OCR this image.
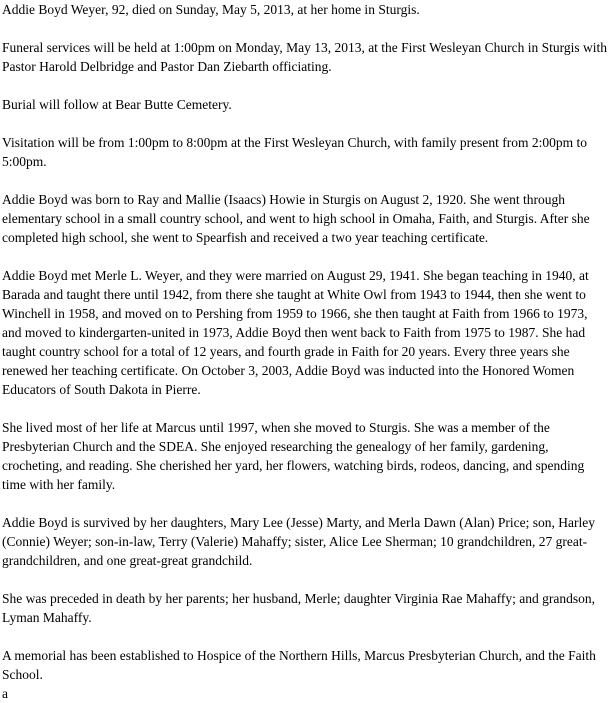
Addie Boyd Weyer, 92, died on Sunday, May 5, 2013, at her home in Sturgis.

Funeral services will be held at 1:00pm on Monday, May 13, 2013, at the First Wesleyan Church in Sturgis with Pastor Harold Delbridge and Pastor Dan Ziebarth officiating.

Burial will follow at Bear Butte Cemetery.

Visitation will be from 1:00pm to 8:00pm at the First Wesleyan Church, with family present from 2:00pm to 5:00pm.

Addie Boyd was born to Ray and Mallie (Isaacs) Howie in Sturgis on August 2, 1920. She went through elementary school in a small country school, and went to high school in Omaha, Faith, and Sturgis. After she completed high school, she went to Spearfish and received a two year teaching certificate.

Addie Boyd met Merle L. Weyer, and they were married on August 29, 1941. She began teaching in 1940, at Barada and taught there until 1942, from there she taught at White Owl from 1943 to 1944, then she went to Winchell in 1958, and moved on to Pershing from 1959 to 1966, she then taught at Faith from 1966 to 1973, and moved to kindergarten-united in 1973, Addie Boyd then went back to Faith from 1975 to 1987. She had taught country school for a total of 12 years, and fourth grade in Faith for 20 years. Every three years she renewed her teaching certificate. On October 3, 2003, Addie Boyd was inducted into the Honored Women Educators of South Dakota in Pierre.

She lived most of her life at Marcus until 1997, when she moved to Sturgis. She was a member of the Presbyterian Church and the SDEA. She enjoyed researching the genealogy of her family, gardening, crocheting, and reading. She cherished her yard, her flowers, watching birds, rodeos, dancing, and spending time with her family.

Addie Boyd is survived by her daughters, Mary Lee (Jesse) Marty, and Merla Dawn (Alan) Price; son, Harley (Connie) Weyer; son-in-law, Terry (Valerie) Mahaffy; sister, Alice Lee Sherman; 10 grandchildren, 27 great-grandchildren, and one great-great grandchild.

She was preceded in death by her parents; her husband, Merle; daughter Virginia Rae Mahaffy; and grandson, Lyman Mahaffy.

A memorial has been established to Hospice of the Northern Hills, Marcus Presbyterian Church, and the Faith School.

a
